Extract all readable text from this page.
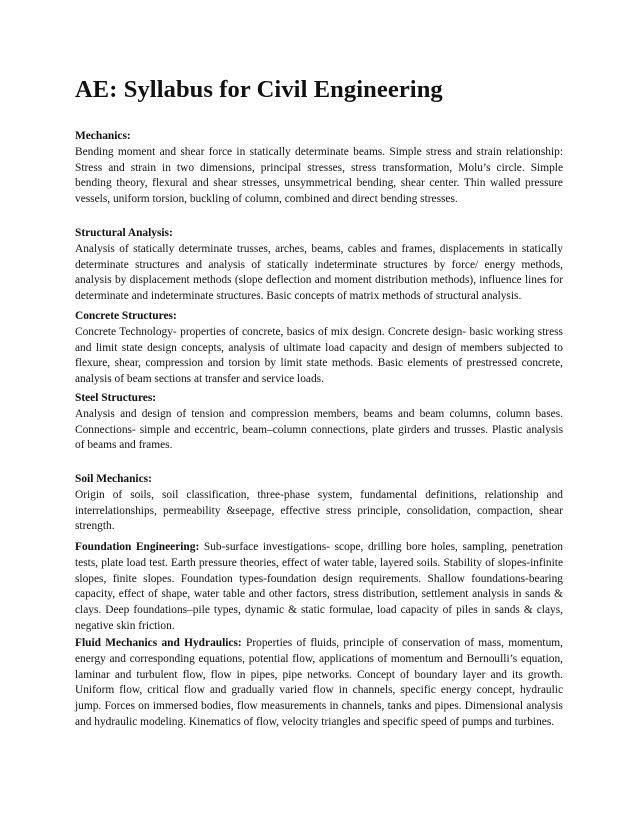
AE: Syllabus for Civil Engineering
Mechanics:

Bending moment and shear force in statically determinate beams. Simple stress and strain relationship: Stress and strain in two dimensions, principal stresses, stress transformation, Molu’s circle. Simple bending theory, flexural and shear stresses, unsymmetrical bending, shear center. Thin walled pressure vessels, uniform torsion, buckling of column, combined and direct bending stresses.

Structural Analysis:

Analysis of statically determinate trusses, arches, beams, cables and frames, displacements in statically determinate structures and analysis of statically indeterminate structures by force/ energy methods, analysis by displacement methods (slope deflection and moment distribution methods), influence lines for determinate and indeterminate structures. Basic concepts of matrix methods of structural analysis.

Concrete Structures:

Concrete Technology- properties of concrete, basics of mix design. Concrete design- basic working stress and limit state design concepts, analysis of ultimate load capacity and design of members subjected to flexure, shear, compression and torsion by limit state methods. Basic elements of prestressed concrete, analysis of beam sections at transfer and service loads.

Steel Structures:

Analysis and design of tension and compression members, beams and beam columns, column bases. Connections- simple and eccentric, beam–column connections, plate girders and trusses. Plastic analysis of beams and frames.

Soil Mechanics:

Origin of soils, soil classification, three-phase system, fundamental definitions, relationship and interrelationships, permeability &seepage, effective stress principle, consolidation, compaction, shear strength.

Foundation Engineering: Sub-surface investigations- scope, drilling bore holes, sampling, penetration tests, plate load test. Earth pressure theories, effect of water table, layered soils. Stability of slopes-infinite slopes, finite slopes. Foundation types-foundation design requirements. Shallow foundations-bearing capacity, effect of shape, water table and other factors, stress distribution, settlement analysis in sands & clays. Deep foundations–pile types, dynamic & static formulae, load capacity of piles in sands & clays, negative skin friction.

Fluid Mechanics and Hydraulics: Properties of fluids, principle of conservation of mass, momentum, energy and corresponding equations, potential flow, applications of momentum and Bernoulli’s equation, laminar and turbulent flow, flow in pipes, pipe networks. Concept of boundary layer and its growth. Uniform flow, critical flow and gradually varied flow in channels, specific energy concept, hydraulic jump. Forces on immersed bodies, flow measurements in channels, tanks and pipes. Dimensional analysis and hydraulic modeling. Kinematics of flow, velocity triangles and specific speed of pumps and turbines.
